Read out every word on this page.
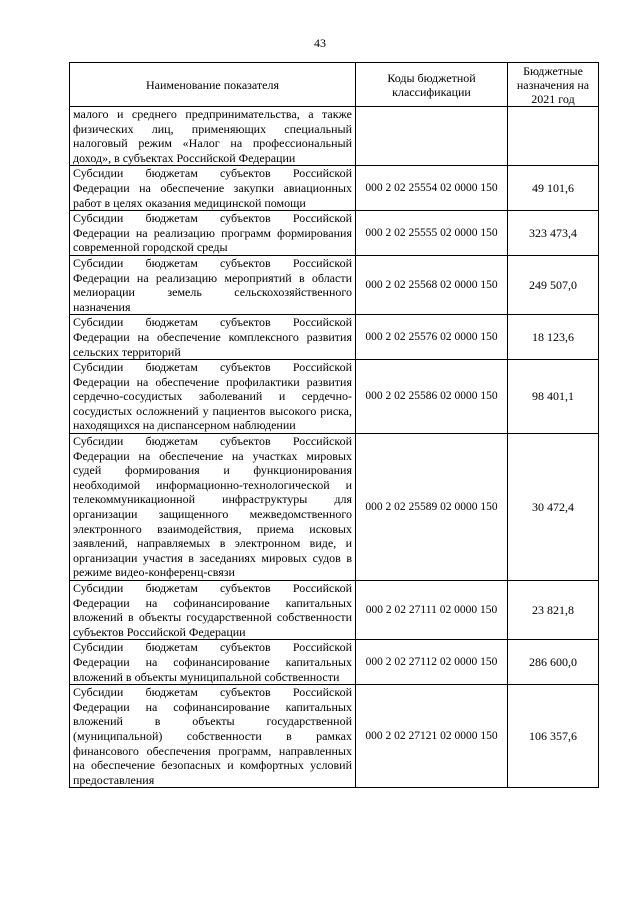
43
Наименование показателя	Коды бюджетной классификации	Бюджетные назначения на 2021 год
малого и среднего предпринимательства, а также физических лиц, применяющих специальный налоговый режим «Налог на профессиональный доход», в субъектах Российской Федерации		
Субсидии бюджетам субъектов Российской Федерации на обеспечение закупки авиационных работ в целях оказания медицинской помощи	000 2 02 25554 02 0000 150	49 101,6
Субсидии бюджетам субъектов Российской Федерации на реализацию программ формирования современной городской среды	000 2 02 25555 02 0000 150	323 473,4
Субсидии бюджетам субъектов Российской Федерации на реализацию мероприятий в области мелиорации земель сельскохозяйственного назначения	000 2 02 25568 02 0000 150	249 507,0
Субсидии бюджетам субъектов Российской Федерации на обеспечение комплексного развития сельских территорий	000 2 02 25576 02 0000 150	18 123,6
Субсидии бюджетам субъектов Российской Федерации на обеспечение профилактики развития сердечно-сосудистых заболеваний и сердечно-сосудистых осложнений у пациентов высокого риска, находящихся на диспансерном наблюдении	000 2 02 25586 02 0000 150	98 401,1
Субсидии бюджетам субъектов Российской Федерации на обеспечение на участках мировых судей формирования и функционирования необходимой информационно-технологической и телекоммуникационной инфраструктуры для организации защищенного межведомственного электронного взаимодействия, приема исковых заявлений, направляемых в электронном виде, и организации участия в заседаниях мировых судов в режиме видео-конференц-связи	000 2 02 25589 02 0000 150	30 472,4
Субсидии бюджетам субъектов Российской Федерации на софинансирование капитальных вложений в объекты государственной собственности субъектов Российской Федерации	000 2 02 27111 02 0000 150	23 821,8
Субсидии бюджетам субъектов Российской Федерации на софинансирование капитальных вложений в объекты муниципальной собственности	000 2 02 27112 02 0000 150	286 600,0
Субсидии бюджетам субъектов Российской Федерации на софинансирование капитальных вложений в объекты государственной (муниципальной) собственности в рамках финансового обеспечения программ, направленных на обеспечение безопасных и комфортных условий предоставления	000 2 02 27121 02 0000 150	106 357,6
